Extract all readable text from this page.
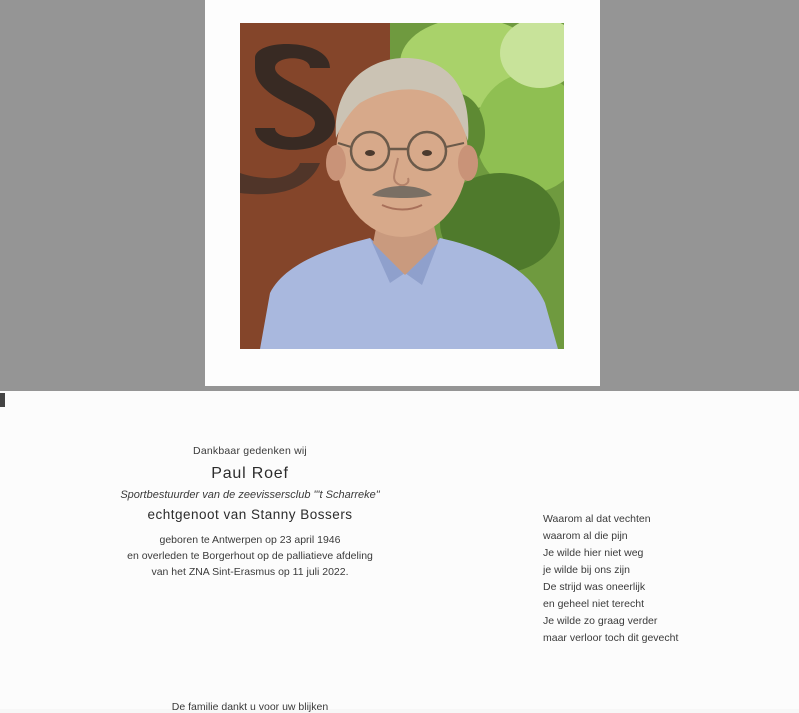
Dankbaar gedenken wij

Paul Roef

Sportbestuurder van de zeevissersclub "'t Scharreke"

echtgenoot van Stanny Bossers

geboren te Antwerpen op 23 april 1946

en overleden te Borgerhout op de palliatieve afdeling

van het ZNA Sint-Erasmus op 11 juli 2022.

Waarom al dat vechten

waarom al die pijn

Je wilde hier niet weg

je wilde bij ons zijn

De strijd was oneerlijk

en geheel niet terecht

Je wilde zo graag verder

maar verloor toch dit gevecht

De familie dankt u voor uw blijken
